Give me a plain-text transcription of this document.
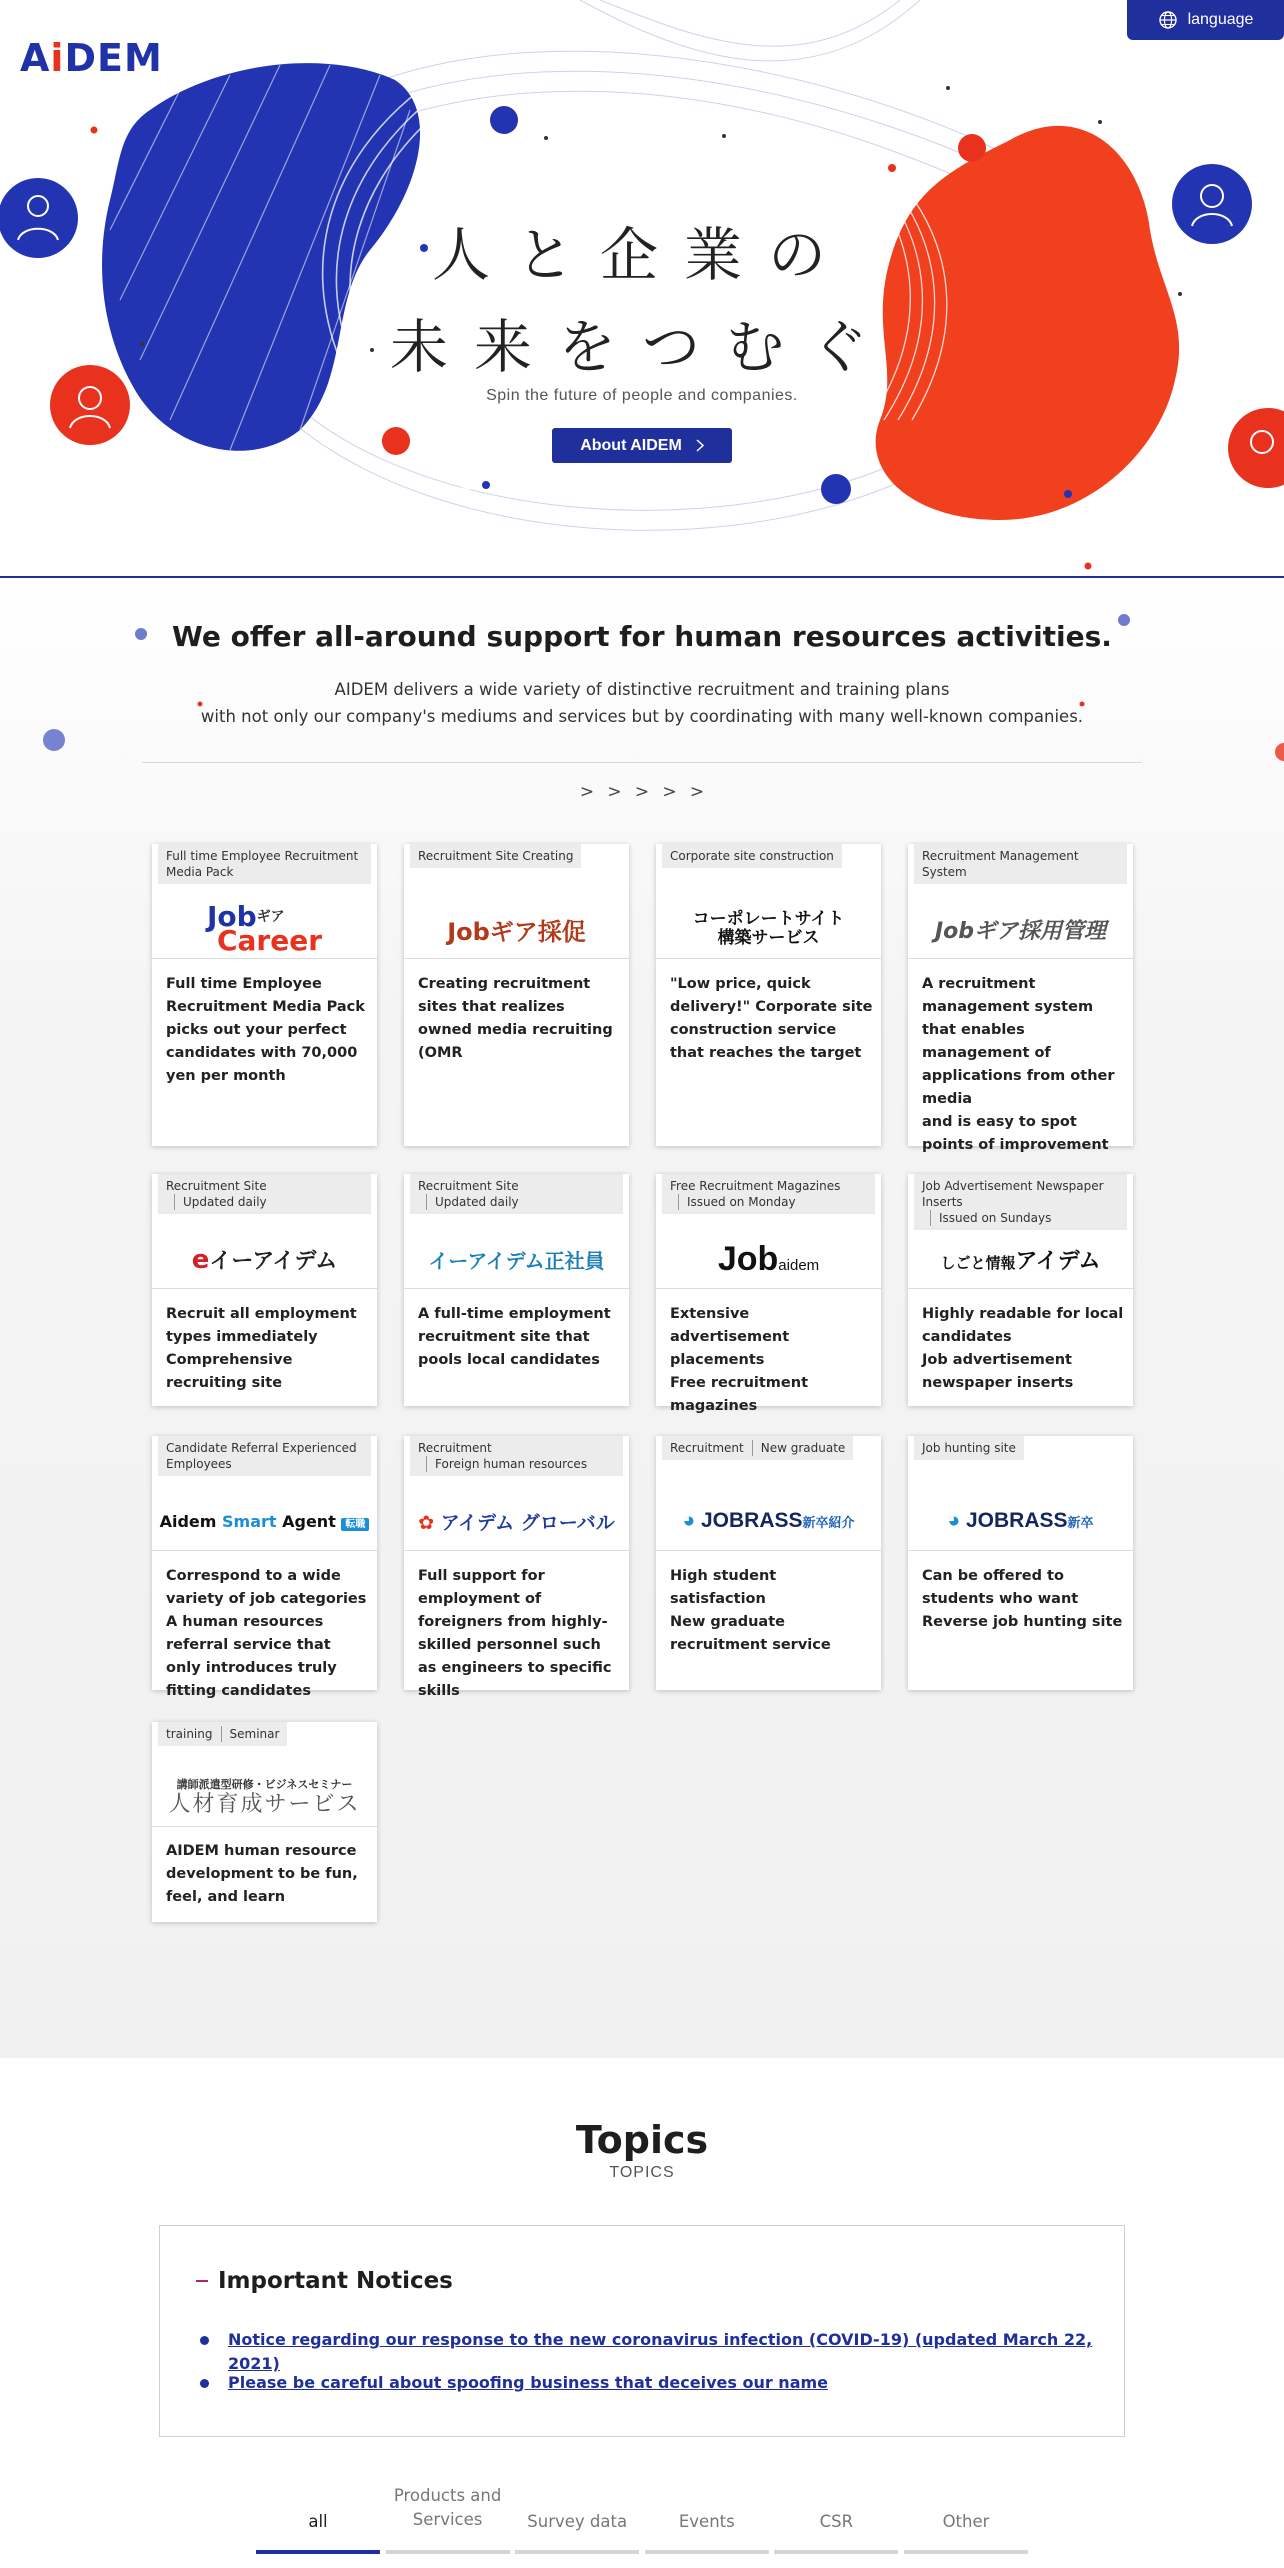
AiDEM
language
人と企業の
未来をつむぐ

Spin the future of people and companies.

About AIDEM
We offer all-around support for human resources activities.

AIDEM delivers a wide variety of distinctive recruitment and training plans
with not only our company's mediums and services but by coordinating with many well-known companies.

> > > > >
Full time Employee Recruitment Media Pack
Job$^{ギア}$
Career
Full time Employee Recruitment Media Pack picks out your perfect candidates with 70,000 yen per month
Recruitment Site Creating
Jobギア採促
Creating recruitment sites that realizes owned media recruiting (OMR
Corporate site construction
コーポレートサイト
構築サービス
"Low price, quick delivery!" Corporate site construction service that reaches the target
Recruitment Management System
Jobギア採用管理
A recruitment management system
that enables management of applications from other media
and is easy to spot points of improvement
Recruitment Site
Updated daily
eイーアイデム
Recruit all employment types immediately
Comprehensive recruiting site
Recruitment Site
Updated daily
イーアイデム正社員
A full-time employment recruitment site that pools local candidates
Free Recruitment Magazines
Issued on Monday
Jobaidem
Extensive advertisement placements
Free recruitment magazines
Job Advertisement Newspaper Inserts
Issued on Sundays
しごと情報アイデム
Highly readable for local candidates
Job advertisement newspaper inserts
Candidate Referral Experienced Employees
Aidem Smart Agent 転職
Correspond to a wide variety of job categories
A human resources referral service that only introduces truly fitting candidates
Recruitment
Foreign human resources
✿ アイデム グローバル
Full support for employment of foreigners from highly-skilled personnel such as engineers to specific skills
Recruitment	New graduate
◕ JOBRASS新卒紹介
High student satisfaction
New graduate recruitment service
Job hunting site
◕ JOBRASS新卒
Can be offered to students who want
Reverse job hunting site
training	Seminar
講師派遣型研修・ビジネスセミナー
人材育成サービス
AIDEM human resource development to be fun, feel, and learn
Topics

TOPICS

Important Notices
Notice regarding our response to the new coronavirus infection (COVID-19) (updated March 22, 2021)
Please be careful about spoofing business that deceives our name
all
Products and
Services	Survey data	Events	CSR	Other
